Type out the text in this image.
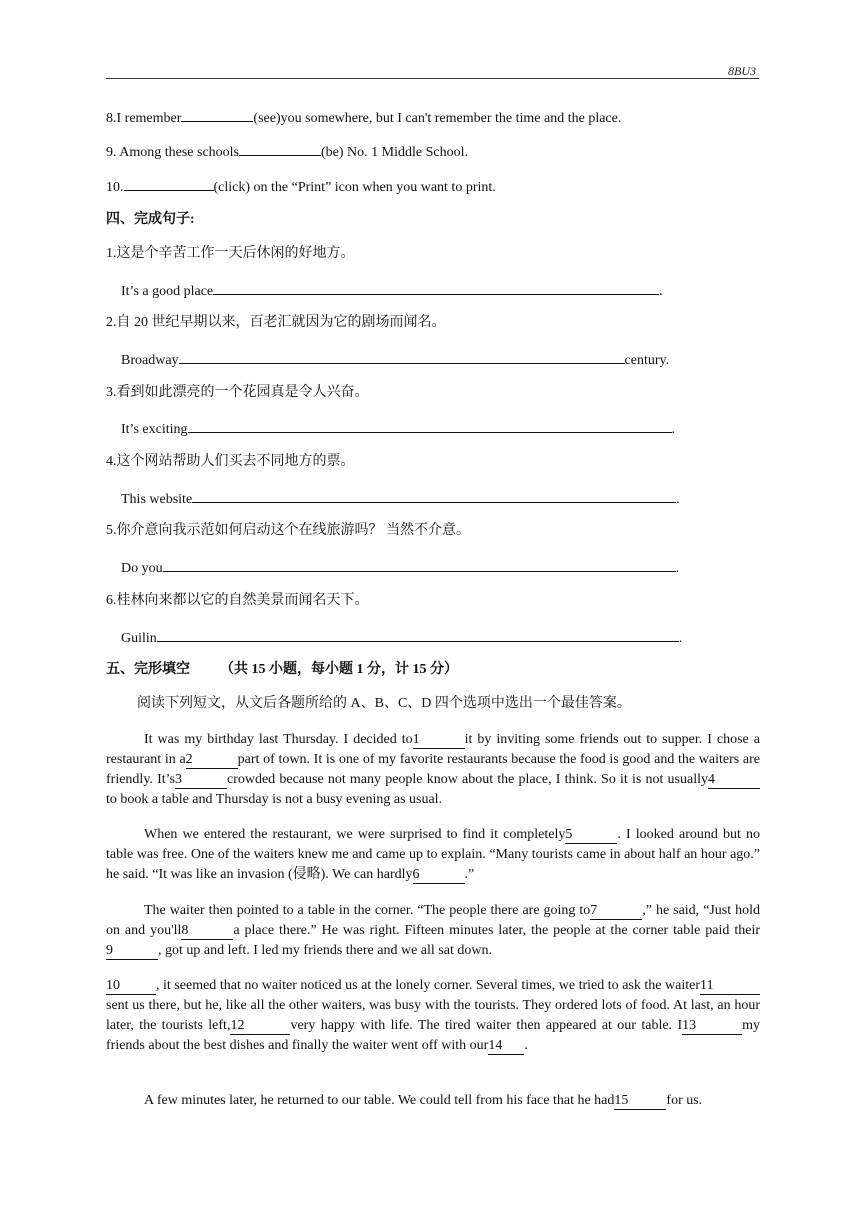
8BU3
8.I remember	(see)you somewhere, but I can't remember the time and the place.
9. Among these schools	(be) No. 1 Middle School.
10.	(click) on the “Print” icon when you want to print.
四、完成句子:
1.这是个辛苦工作一天后休闲的好地方。
It’s a good place	.
2.自 20 世纪早期以来，百老汇就因为它的剧场而闻名。
Broadway	century.
3.看到如此漂亮的一个花园真是令人兴奋。
It’s exciting	.
4.这个网站帮助人们买去不同地方的票。
This website	.
5.你介意向我示范如何启动这个在线旅游吗？ 当然不介意。
Do you	.
6.桂林向来都以它的自然美景而闻名天下。
Guilin	.
五、完形填空 （共 15 小题，每小题 1 分，计 15 分）
阅读下列短文，从文后各题所给的 A、B、C、D 四个选项中选出一个最佳答案。
It was my birthday last Thursday. I decided to1	it by inviting some friends out to supper. I chose a restaurant in a2	part of town. It is one of my favorite restaurants because the food is good and the waiters are friendly. It’s3	crowded because not many people know about the place, I think. So it is not usually4to book a table and Thursday is not a busy evening as usual.
When we entered the restaurant, we were surprised to find it completely5	. I looked around but no table was free. One of the waiters knew me and came up to explain. “Many tourists came in about half an hour ago.” he said. “It was like an invasion (侵略). We can hardly6	.”
The waiter then pointed to a table in the corner. “The people there are going to7	,” he said, “Just hold on and you'll8	a place there.” He was right. Fifteen minutes later, the people at the corner table paid their9	, got up and left. I led my friends there and we all sat down.
10	, it seemed that no waiter noticed us at the lonely corner. Several times, we tried to ask the waiter11sent us there, but he, like all the other waiters, was busy with the tourists. They ordered lots of food. At last, an hour later, the tourists left,12	very happy with life. The tired waiter then appeared at our table. I13	my friends about the best dishes and finally the waiter went off with our14 .
A few minutes later, he returned to our table. We could tell from his face that he had15	for us.
